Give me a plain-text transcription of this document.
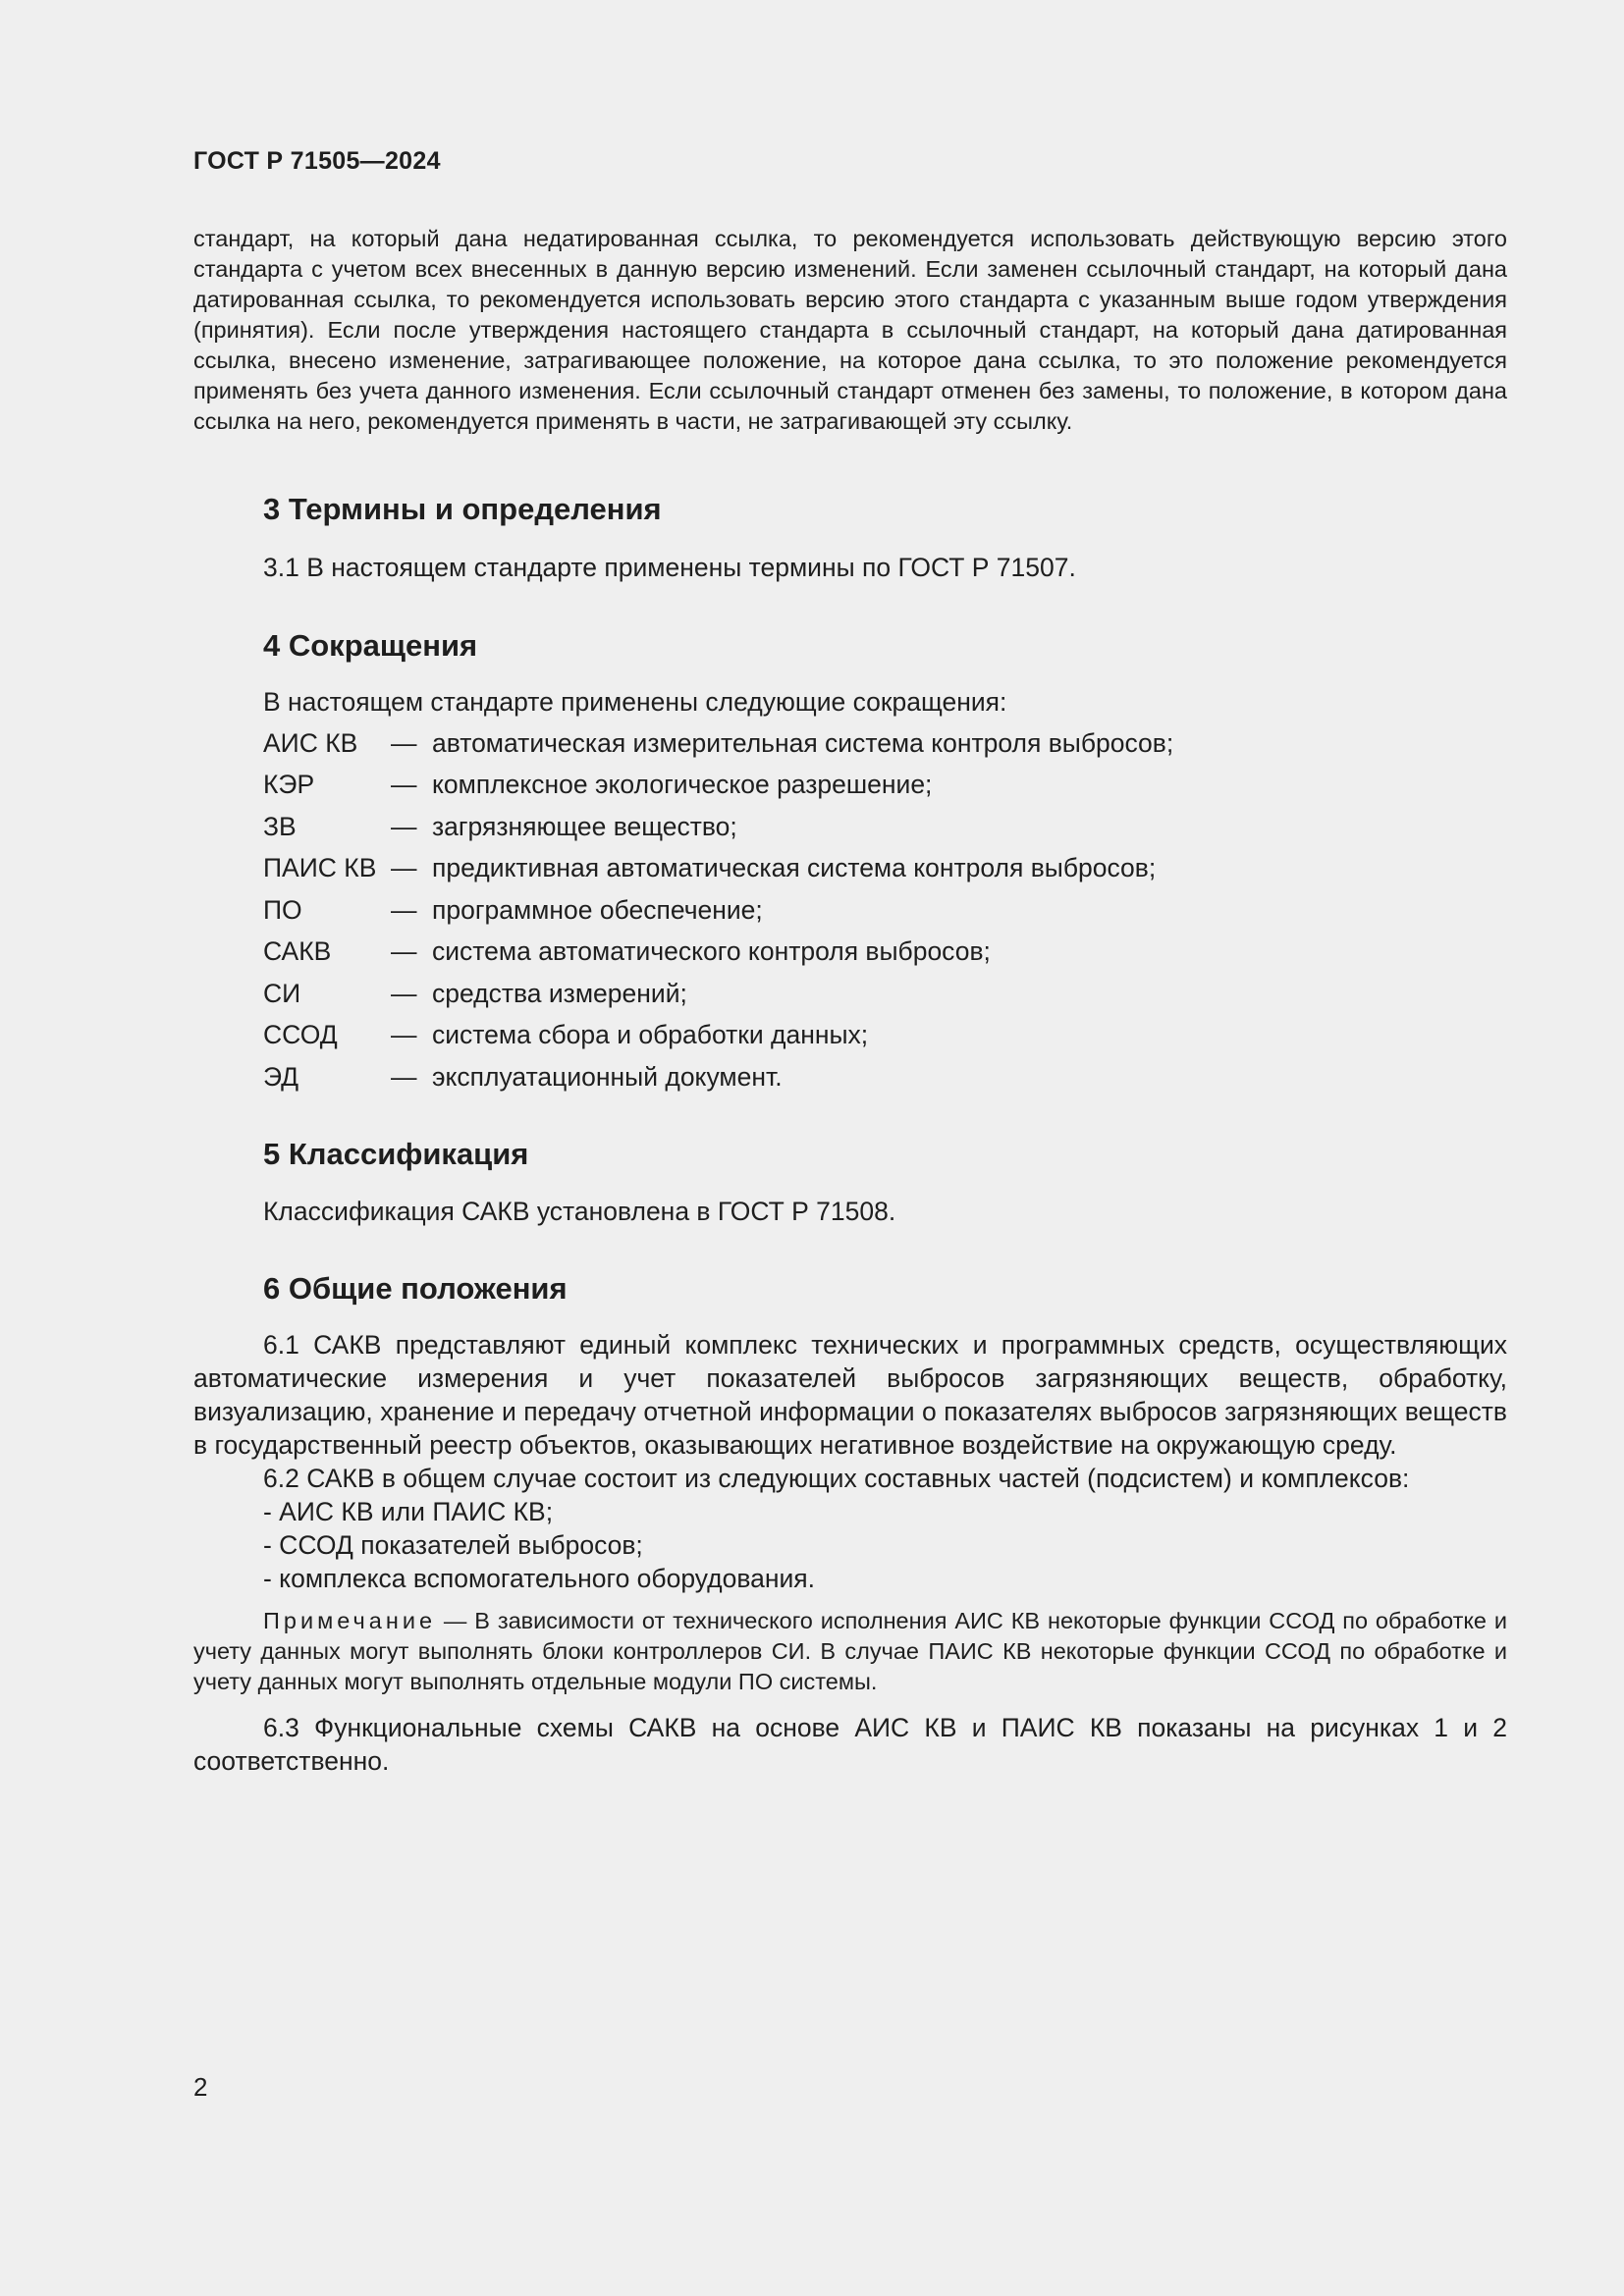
ГОСТ Р 71505—2024
стандарт, на который дана недатированная ссылка, то рекомендуется использовать действующую версию этого стандарта с учетом всех внесенных в данную версию изменений. Если заменен ссылочный стандарт, на который дана датированная ссылка, то рекомендуется использовать версию этого стандарта с указанным выше годом утверждения (принятия). Если после утверждения настоящего стандарта в ссылочный стандарт, на который дана датированная ссылка, внесено изменение, затрагивающее положение, на которое дана ссылка, то это положение рекомендуется применять без учета данного изменения. Если ссылочный стандарт отменен без замены, то положение, в котором дана ссылка на него, рекомендуется применять в части, не затрагивающей эту ссылку.
3 Термины и определения
3.1 В настоящем стандарте применены термины по ГОСТ Р 71507.
4 Сокращения
В настоящем стандарте применены следующие сокращения:
АИС КВ — автоматическая измерительная система контроля выбросов;
КЭР	— комплексное экологическое разрешение;
ЗВ	— загрязняющее вещество;
ПАИС КВ — предиктивная автоматическая система контроля выбросов;
ПО	— программное обеспечение;
САКВ — система автоматического контроля выбросов;
СИ	— средства измерений;
ССОД — система сбора и обработки данных;
ЭД	— эксплуатационный документ.
5 Классификация
Классификация САКВ установлена в ГОСТ Р 71508.
6 Общие положения
6.1 САКВ представляют единый комплекс технических и программных средств, осуществляющих автоматические измерения и учет показателей выбросов загрязняющих веществ, обработку, визуализацию, хранение и передачу отчетной информации о показателях выбросов загрязняющих веществ в государственный реестр объектов, оказывающих негативное воздействие на окружающую среду.
6.2 САКВ в общем случае состоит из следующих составных частей (подсистем) и комплексов:
- АИС КВ или ПАИС КВ;
- ССОД показателей выбросов;
- комплекса вспомогательного оборудования.
Примечание — В зависимости от технического исполнения АИС КВ некоторые функции ССОД по обработке и учету данных могут выполнять блоки контроллеров СИ. В случае ПАИС КВ некоторые функции ССОД по обработке и учету данных могут выполнять отдельные модули ПО системы.
6.3 Функциональные схемы САКВ на основе АИС КВ и ПАИС КВ показаны на рисунках 1 и 2 соответственно.
2
